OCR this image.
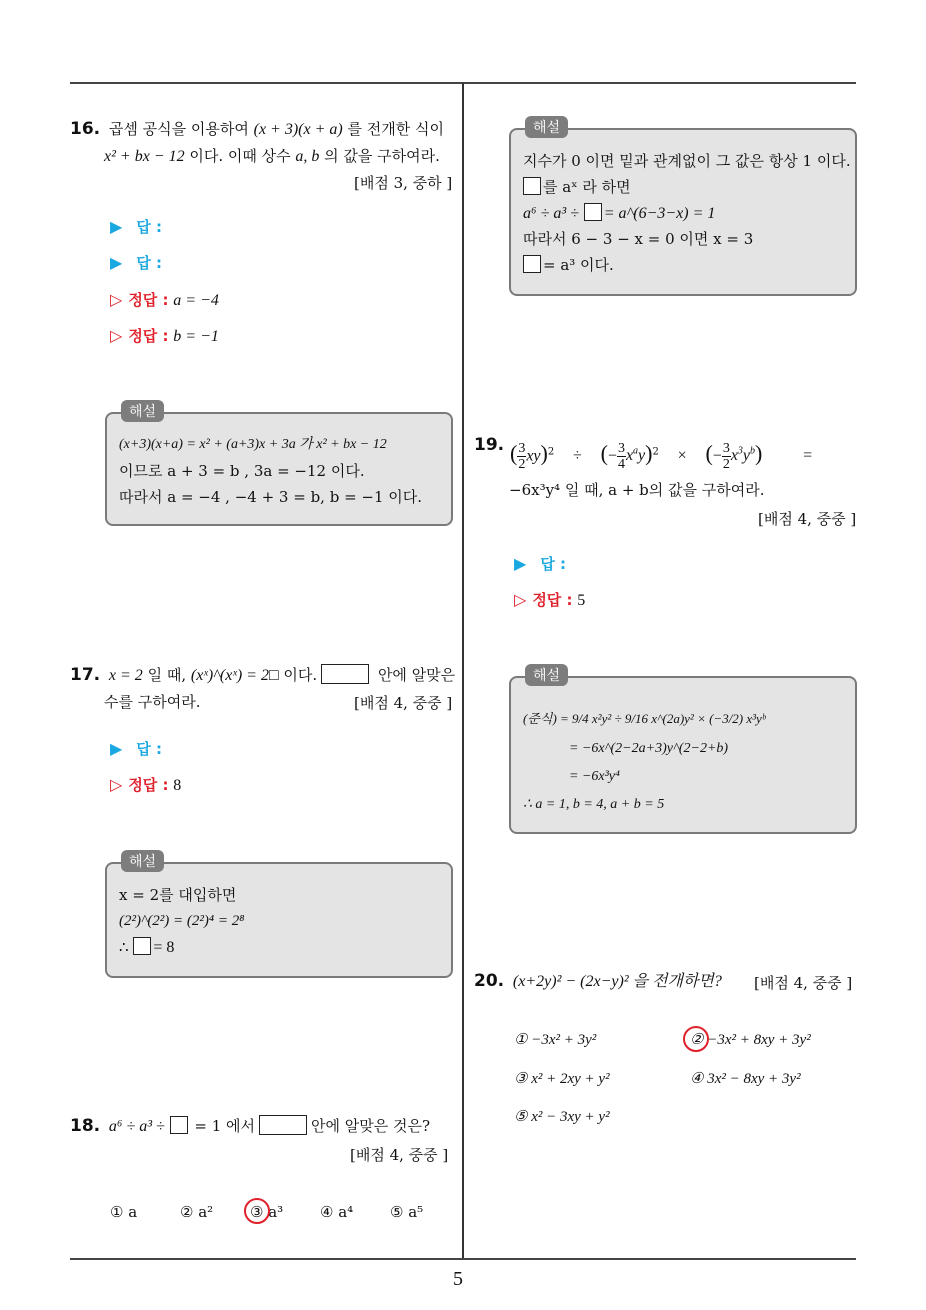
16. 곱셈 공식을 이용하여 (x + 3)(x + a) 를 전개한 식이
x² + bx − 12 이다. 이때 상수 a, b 의 값을 구하여라.
[배점 3, 중하 ]
▶ 답 :
▶ 답 :
▷ 정답 : a = −4
▷ 정답 : b = −1
해설
(x+3)(x+a) = x² + (a+3)x + 3a 가 x² + bx − 12
이므로 a + 3 = b , 3a = −12 이다.
따라서 a = −4 , −4 + 3 = b, b = −1 이다.
17. x = 2 일 때, (xˣ)^(xˣ) = 2□ 이다.	안에 알맞은
수를 구하여라.	[배점 4, 중중 ]
▶ 답 :
▷ 정답 : 8
해설
x = 2를 대입하면
(2²)^(2²) = (2²)⁴ = 2⁸
∴ = 8
18. a⁶ ÷ a³ ÷ = 1 에서	안에 알맞은 것은?
[배점 4, 중중 ]
① a	② a² ③ a³ ④ a⁴ ⑤ a⁵
해설
지수가 0 이면 밑과 관계없이 그 값은 항상 1 이다.
를 aˣ 라 하면
a⁶ ÷ a³ ÷ = a^(6−3−x) = 1
따라서 6 − 3 − x = 0 이면 x = 3
= a³ 이다.
19. ( $\frac{3}{2} xy)^2$ ÷ (− $\frac{3}{4} x^ay)^2$ × (− $\frac{3}{2} x^3y^b$)	=
−6x³y⁴ 일 때, a + b의 값을 구하여라.
[배점 4, 중중 ]
▶ 답 :
▷ 정답 : 5
해설
(준식) = 9/4 x²y² ÷ 9/16 x^(2a)y² × (−3/2) x³yᵇ
= −6x^(2−2a+3)y^(2−2+b)
= −6x³y⁴
∴ a = 1, b = 4, a + b = 5
20. (x+2y)² − (2x−y)² 을 전개하면? [배점 4, 중중 ]
① −3x² + 3y²	② −3x² + 8xy + 3y²
③ x² + 2xy + y²	④ 3x² − 8xy + 3y²
⑤ x² − 3xy + y²
5
